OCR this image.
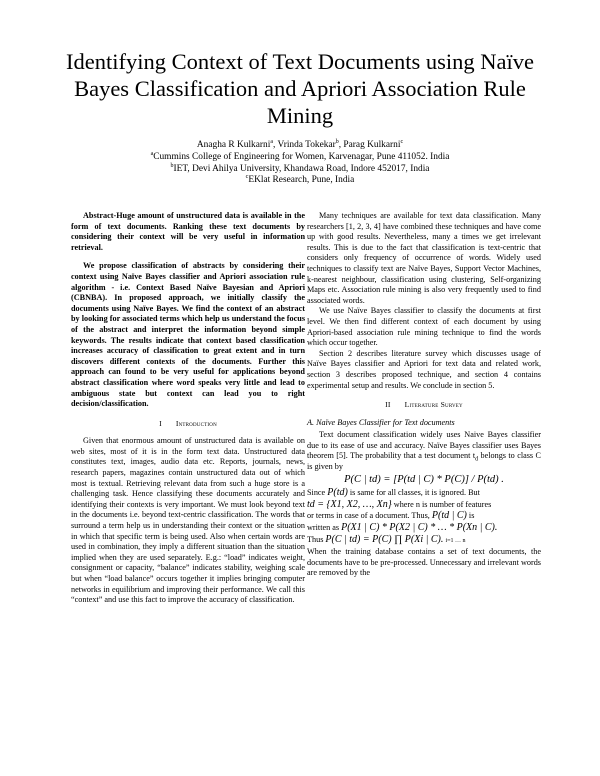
Identifying Context of Text Documents using Naïve Bayes Classification and Apriori Association Rule Mining
Anagha R Kulkarni$^a$, Vrinda Tokekar$^b$, Parag Kulkarni$^c$
$^a$Cummins College of Engineering for Women, Karvenagar, Pune 411052. India
$^b$IET, Devi Ahilya University, Khandawa Road, Indore 452017, India
$^c$EKlat Research, Pune, India

Abstract-Huge amount of unstructured data is available in the form of text documents. Ranking these text documents by considering their context will be very useful in information retrieval.

We propose classification of abstracts by considering their context using Naïve Bayes classifier and Apriori association rule algorithm - i.e. Context Based Naïve Bayesian and Apriori (CBNBA). In proposed approach, we initially classify the documents using Naïve Bayes. We find the context of an abstract by looking for associated terms which help us understand the focus of the abstract and interpret the information beyond simple keywords. The results indicate that context based classification increases accuracy of classification to great extent and in turn discovers different contexts of the documents. Further this approach can found to be very useful for applications beyond abstract classification where word speaks very little and lead to ambiguous state but context can lead you to right decision/classification.

I Introduction

Given that enormous amount of unstructured data is available on web sites, most of it is in the form text data. Unstructured data constitutes text, images, audio data etc. Reports, journals, news, research papers, magazines contain unstructured data out of which most is textual. Retrieving relevant data from such a huge store is a challenging task. Hence classifying these documents accurately and identifying their contexts is very important. We must look beyond text in the documents i.e. beyond text-centric classification. The words that surround a term help us in understanding their context or the situation in which that specific term is being used. Also when certain words are used in combination, they imply a different situation than the situation implied when they are used separately. E.g.: “load” indicates weight, consignment or capacity, “balance” indicates stability, weighing scale but when “load balance” occurs together it implies bringing computer networks in equilibrium and improving their performance. We call this “context” and use this fact to improve the accuracy of classification.

Many techniques are available for text data classification. Many researchers [1, 2, 3, 4] have combined these techniques and have come up with good results. Nevertheless, many a times we get irrelevant results. This is due to the fact that classification is text-centric that considers only frequency of occurrence of words. Widely used techniques to classify text are Naïve Bayes, Support Vector Machines, k-nearest neighbour, classification using clustering, Self-organizing Maps etc. Association rule mining is also very frequently used to find associated words.

We use Naïve Bayes classifier to classify the documents at first level. We then find different context of each document by using Apriori-based association rule mining technique to find the words which occur together.

Section 2 describes literature survey which discusses usage of Naïve Bayes classifier and Apriori for text data and related work, section 3 describes proposed technique, and section 4 contains experimental setup and results. We conclude in section 5.

II Literature Survey

A. Naïve Bayes Classifier for Text documents

Text document classification widely uses Naive Bayes classifier due to its ease of use and accuracy. Naïve Bayes classifier uses Bayes theorem [5]. The probability that a test document $t_d$ belongs to class C is given by

P(C | td) = [P(td | C) * P(C)] / P(td) .

Since P(td) is same for all classes, it is ignored. But

td = {X1, X2, …, Xn} where n is number of features

or terms in case of a document. Thus, P(td | C) is

written as P(X1 | C) * P(X2 | C) * … * P(Xn | C).

Thus P(C | td) = P(C) ∏ P(Xi | C). i=1 … n

When the training database contains a set of text documents, the documents have to be pre-processed. Unnecessary and irrelevant words are removed by the
